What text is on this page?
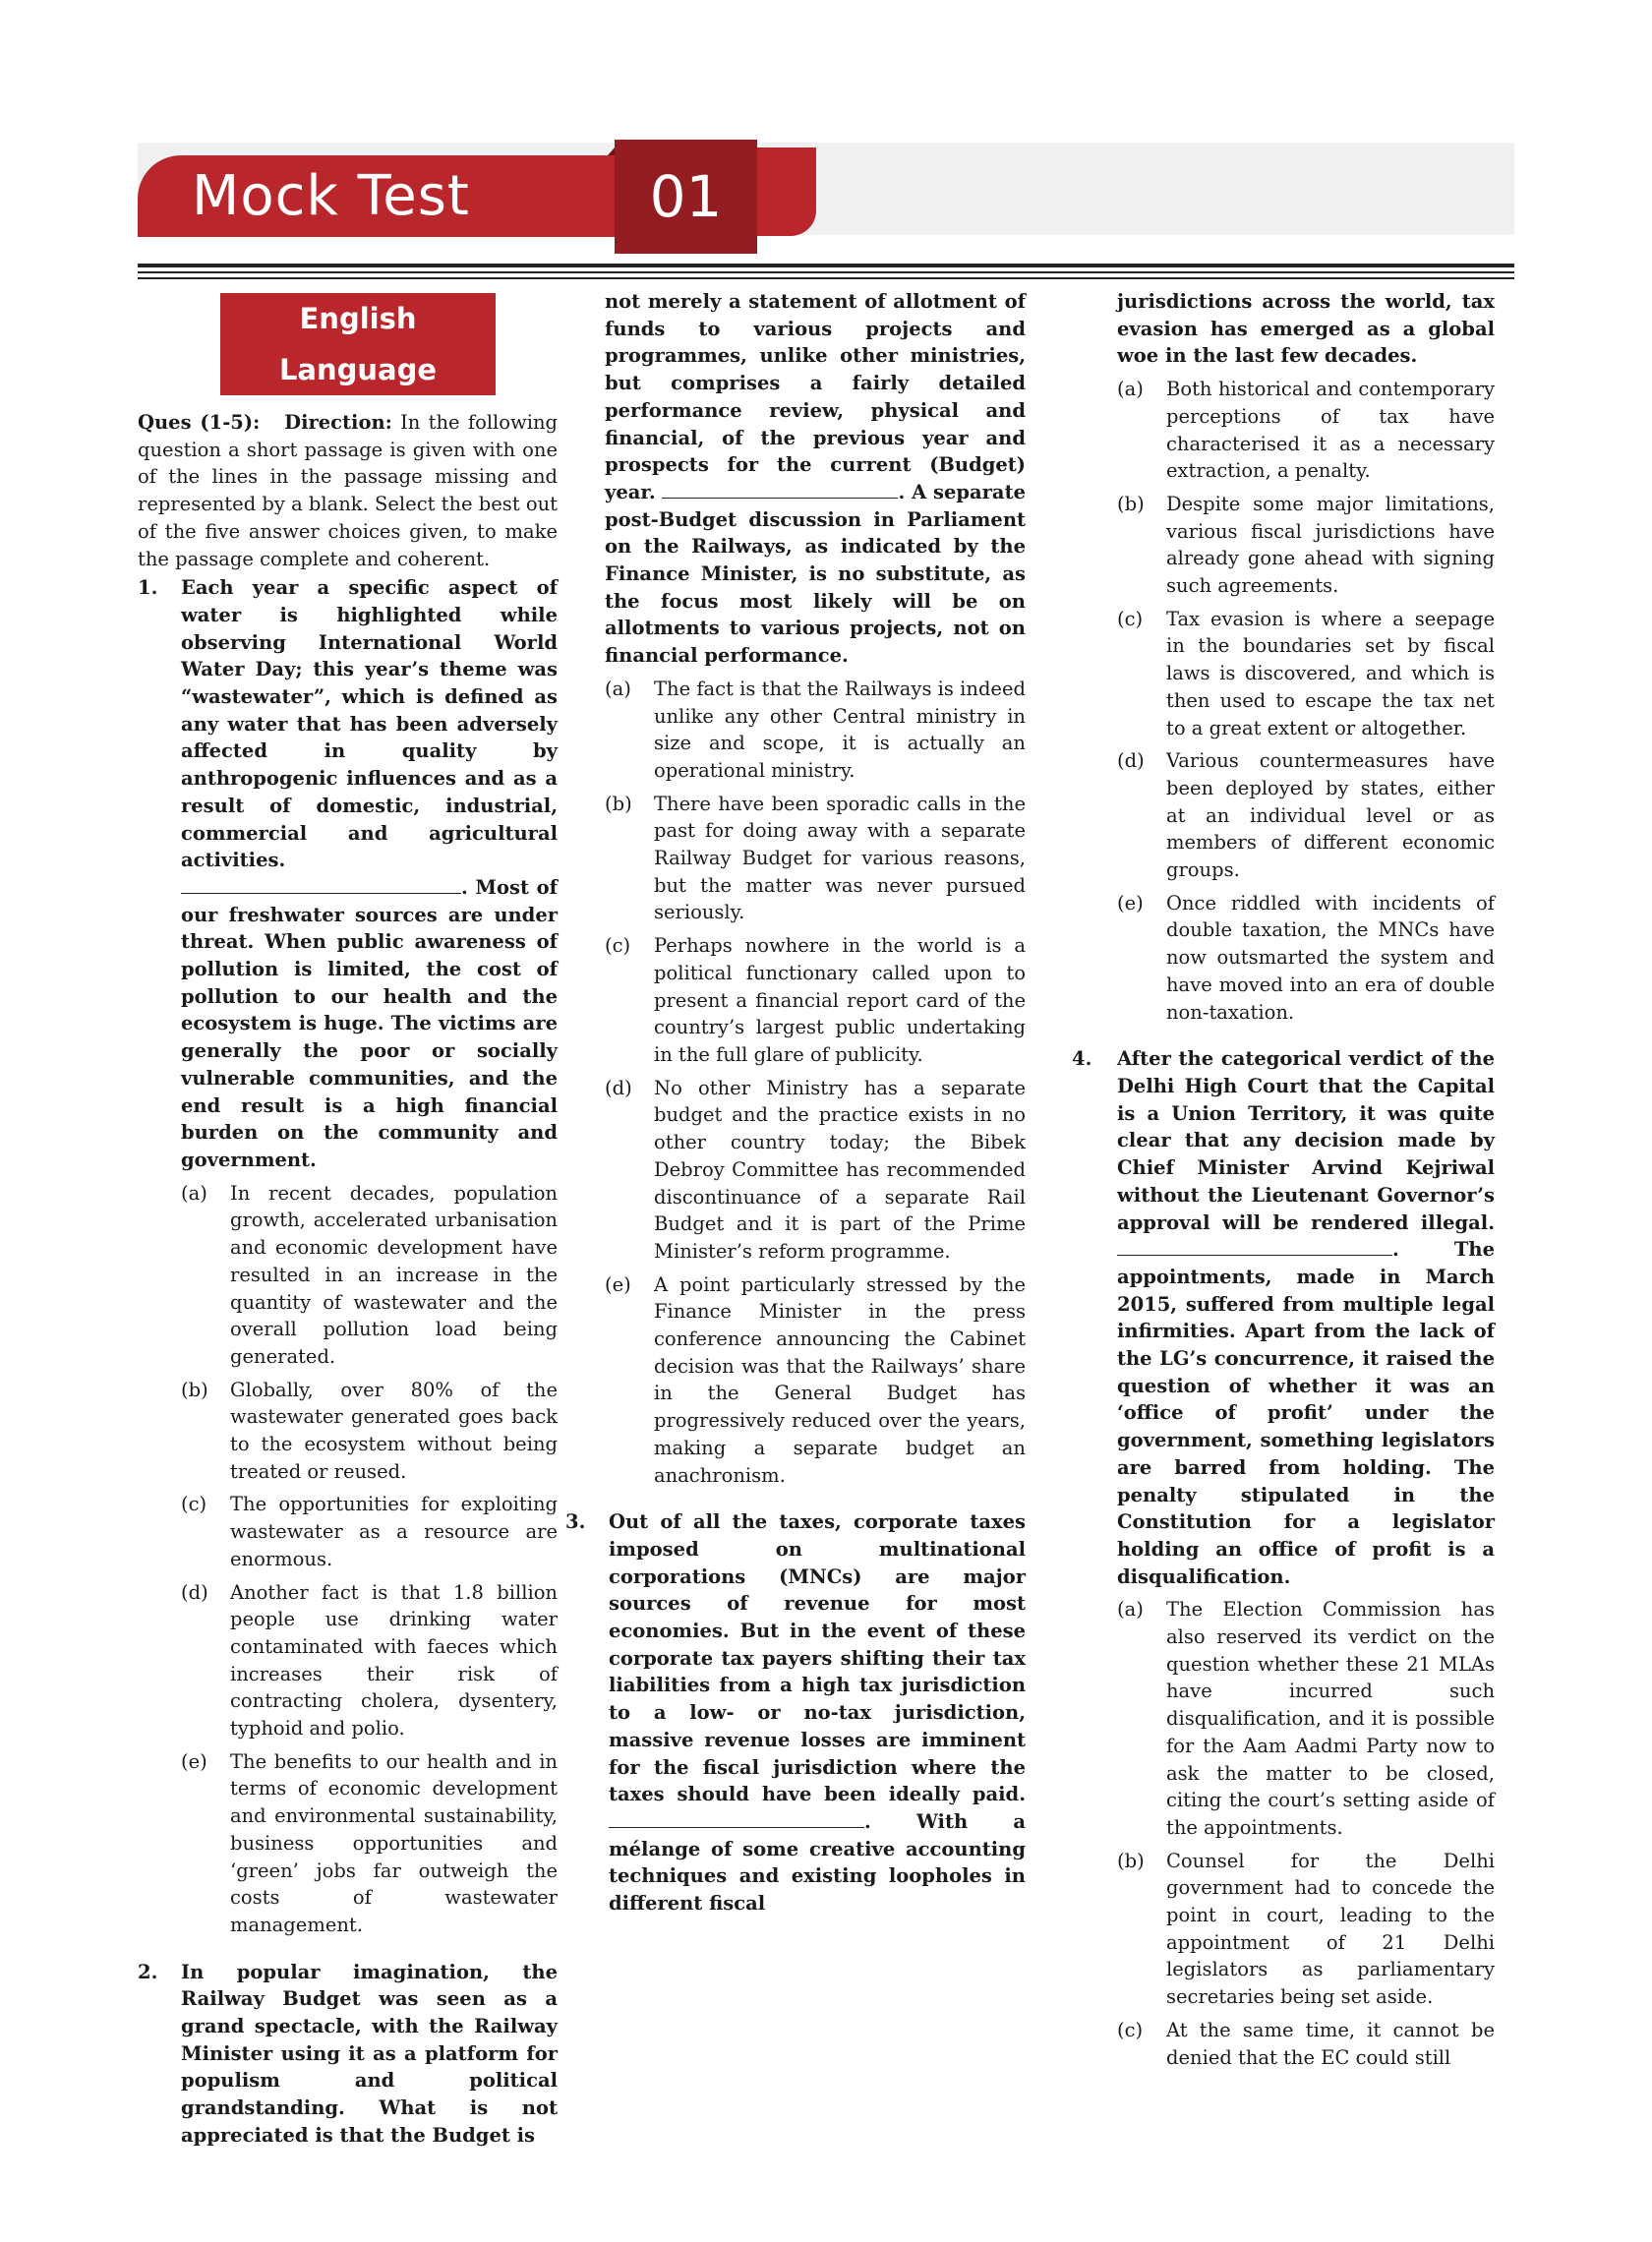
Mock Test	01
English Language

Ques (1-5): Direction: In the following question a short passage is given with one of the lines in the passage missing and represented by a blank. Select the best out of the five answer choices given, to make the passage complete and coherent.

1.	Each year a specific aspect of water is highlighted while observing International World Water Day; this year’s theme was “wastewater”, which is defined as any water that has been adversely affected in quality by anthropogenic influences and as a result of domestic, industrial, commercial and agricultural activities. . Most of our freshwater sources are under threat. When public awareness of pollution is limited, the cost of pollution to our health and the ecosystem is huge. The victims are generally the poor or socially vulnerable communities, and the end result is a high financial burden on the community and government.

(a)	In recent decades, population growth, accelerated urbanisation and economic development have resulted in an increase in the quantity of wastewater and the overall pollution load being generated.
(b)	Globally, over 80% of the wastewater generated goes back to the ecosystem without being treated or reused.
(c)	The opportunities for exploiting wastewater as a resource are enormous.
(d)	Another fact is that 1.8 billion people use drinking water contaminated with faeces which increases their risk of contracting cholera, dysentery, typhoid and polio.
(e)	The benefits to our health and in terms of economic development and environmental sustainability, business opportunities and ‘green’ jobs far outweigh the costs of wastewater management.
2.	In popular imagination, the Railway Budget was seen as a grand spectacle, with the Railway Minister using it as a platform for populism and political grandstanding. What is not appreciated is that the Budget is

not merely a statement of allotment of funds to various projects and programmes, unlike other ministries, but comprises a fairly detailed performance review, physical and financial, of the previous year and prospects for the current (Budget) year.	. A separate post-Budget discussion in Parliament on the Railways, as indicated by the Finance Minister, is no substitute, as the focus most likely will be on allotments to various projects, not on financial performance.

(a)	The fact is that the Railways is indeed unlike any other Central ministry in size and scope, it is actually an operational ministry.
(b)	There have been sporadic calls in the past for doing away with a separate Railway Budget for various reasons, but the matter was never pursued seriously.
(c)	Perhaps nowhere in the world is a political functionary called upon to present a financial report card of the country’s largest public undertaking in the full glare of publicity.
(d)	No other Ministry has a separate budget and the practice exists in no other country today; the Bibek Debroy Committee has recommended discontinuance of a separate Rail Budget and it is part of the Prime Minister’s reform programme.
(e)	A point particularly stressed by the Finance Minister in the press conference announcing the Cabinet decision was that the Railways’ share in the General Budget has progressively reduced over the years, making a separate budget an anachronism.
3.	Out of all the taxes, corporate taxes imposed on multinational corporations (MNCs) are major sources of revenue for most economies. But in the event of these corporate tax payers shifting their tax liabilities from a high tax jurisdiction to a low- or no-tax jurisdiction, massive revenue losses are imminent for the fiscal jurisdiction where the taxes should have been ideally paid. . With a mélange of some creative accounting techniques and existing loopholes in different fiscal

jurisdictions across the world, tax evasion has emerged as a global woe in the last few decades.

(a)	Both historical and contemporary perceptions of tax have characterised it as a necessary extraction, a penalty.
(b)	Despite some major limitations, various fiscal jurisdictions have already gone ahead with signing such agreements.
(c)	Tax evasion is where a seepage in the boundaries set by fiscal laws is discovered, and which is then used to escape the tax net to a great extent or altogether.
(d)	Various countermeasures have been deployed by states, either at an individual level or as members of different economic groups.
(e)	Once riddled with incidents of double taxation, the MNCs have now outsmarted the system and have moved into an era of double non-taxation.
4.	After the categorical verdict of the Delhi High Court that the Capital is a Union Territory, it was quite clear that any decision made by Chief Minister Arvind Kejriwal without the Lieutenant Governor’s approval will be rendered illegal. . The appointments, made in March 2015, suffered from multiple legal infirmities. Apart from the lack of the LG’s concurrence, it raised the question of whether it was an ‘office of profit’ under the government, something legislators are barred from holding. The penalty stipulated in the Constitution for a legislator holding an office of profit is a disqualification.

(a)	The Election Commission has also reserved its verdict on the question whether these 21 MLAs have incurred such disqualification, and it is possible for the Aam Aadmi Party now to ask the matter to be closed, citing the court’s setting aside of the appointments.
(b)	Counsel for the Delhi government had to concede the point in court, leading to the appointment of 21 Delhi legislators as parliamentary secretaries being set aside.
(c)	At the same time, it cannot be denied that the EC could still
